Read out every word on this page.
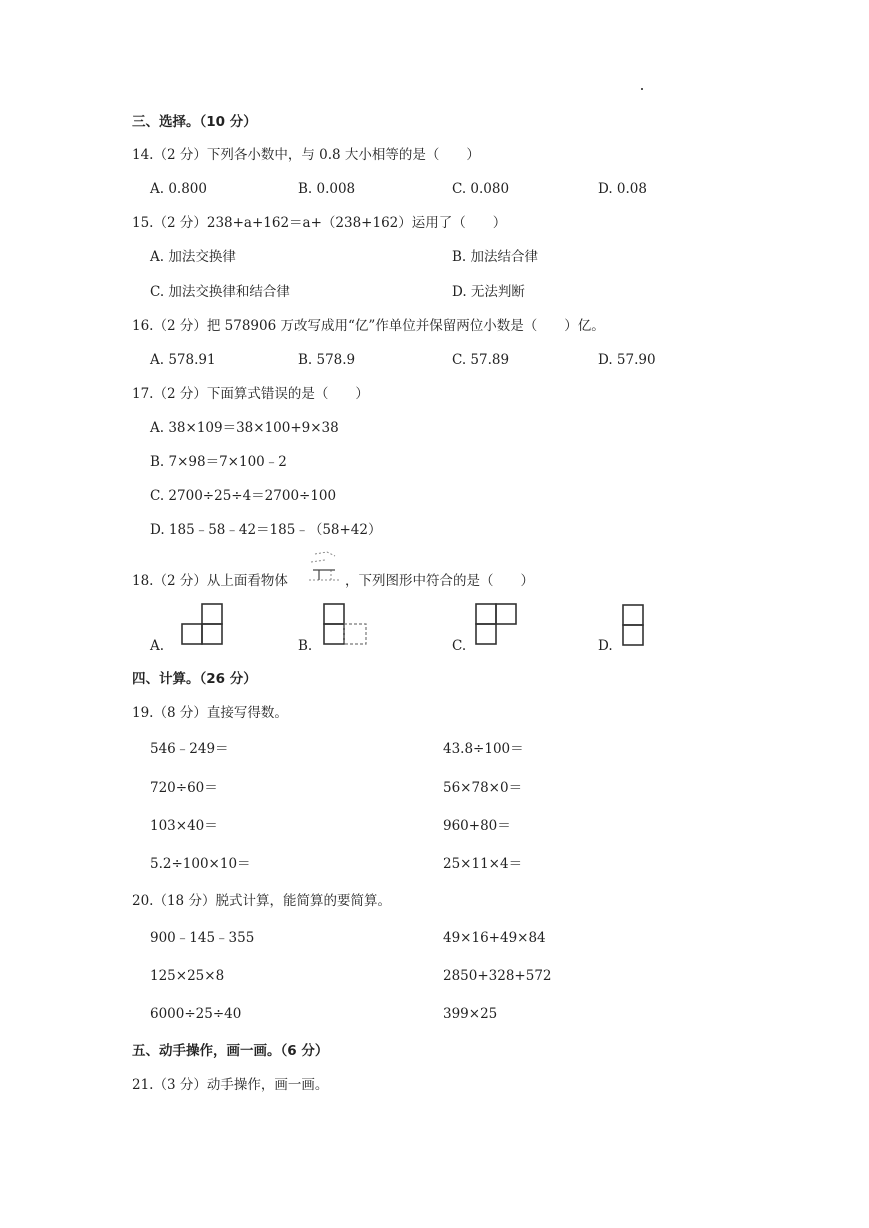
三、选择。（10 分）
14.（2 分）下列各小数中，与 0.8 大小相等的是（　　）
A. 0.800	B. 0.008	C. 0.080	D. 0.08
15.（2 分）238+a+162＝a+（238+162）运用了（　　）
A. 加法交换律	B. 加法结合律
C. 加法交换律和结合律	D. 无法判断
16.（2 分）把 578906 万改写成用“亿”作单位并保留两位小数是（　　）亿。
A. 578.91	B. 578.9	C. 57.89	D. 57.90
17.（2 分）下面算式错误的是（　　）
A. 38×109＝38×100+9×38
B. 7×98＝7×100﹣2
C. 2700÷25÷4＝2700÷100
D. 185﹣58﹣42＝185﹣（58+42）
18.（2 分）从上面看物体	，下列图形中符合的是（　　）
A.	B.	C.	D.
四、计算。（26 分）
19.（8 分）直接写得数。
546﹣249＝	43.8÷100＝
720÷60＝	56×78×0＝
103×40＝	960+80＝
5.2÷100×10＝	25×11×4＝
20.（18 分）脱式计算，能简算的要简算。
900﹣145﹣355	49×16+49×84
125×25×8	2850+328+572
6000÷25÷40	399×25
五、动手操作，画一画。（6 分）
21.（3 分）动手操作，画一画。
